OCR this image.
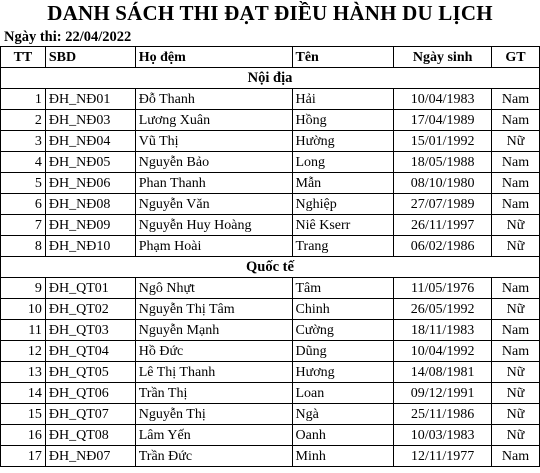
DANH SÁCH THI ĐẠT ĐIỀU HÀNH DU LỊCH
Ngày thi: 22/04/2022
TT	SBD	Họ đệm	Tên	Ngày sinh	GT
Nội địa					
1	ĐH_NĐ01	Đỗ Thanh	Hải	10/04/1983	Nam
2	ĐH_NĐ03	Lương Xuân	Hồng	17/04/1989	Nam
3	ĐH_NĐ04	Vũ Thị	Hường	15/01/1992	Nữ
4	ĐH_NĐ05	Nguyễn Bảo	Long	18/05/1988	Nam
5	ĐH_NĐ06	Phan Thanh	Mẫn	08/10/1980	Nam
6	ĐH_NĐ08	Nguyễn Văn	Nghiệp	27/07/1989	Nam
7	ĐH_NĐ09	Nguyễn Huy Hoàng	Niê Kserr	26/11/1997	Nữ
8	ĐH_NĐ10	Phạm Hoài	Trang	06/02/1986	Nữ
Quốc tế					
9	ĐH_QT01	Ngô Nhựt	Tâm	11/05/1976	Nam
10	ĐH_QT02	Nguyễn Thị Tâm	Chinh	26/05/1992	Nữ
11	ĐH_QT03	Nguyễn Mạnh	Cường	18/11/1983	Nam
12	ĐH_QT04	Hồ Đức	Dũng	10/04/1992	Nam
13	ĐH_QT05	Lê Thị Thanh	Hương	14/08/1981	Nữ
14	ĐH_QT06	Trần Thị	Loan	09/12/1991	Nữ
15	ĐH_QT07	Nguyễn Thị	Ngà	25/11/1986	Nữ
16	ĐH_QT08	Lâm Yến	Oanh	10/03/1983	Nữ
17	ĐH_NĐ07	Trần Đức	Minh	12/11/1977	Nam
